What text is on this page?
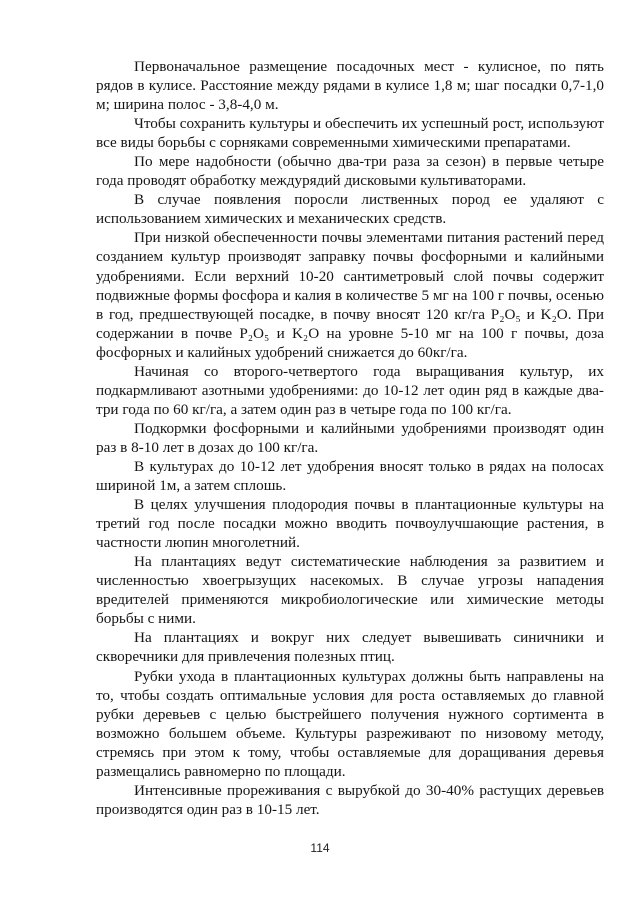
Первоначальное размещение посадочных мест - кулисное, по пять рядов в кулисе. Расстояние между рядами в кулисе 1,8 м; шаг посадки 0,7-1,0 м; ширина полос - 3,8-4,0 м.

Чтобы сохранить культуры и обеспечить их успешный рост, используют все виды борьбы с сорняками современными химическими препаратами.

По мере надобности (обычно два-три раза за сезон) в первые четыре года проводят обработку междурядий дисковыми культиваторами.

В случае появления поросли лиственных пород ее удаляют с использованием химических и механических средств.

При низкой обеспеченности почвы элементами питания растений перед созданием культур производят заправку почвы фосфорными и калийными удобрениями. Если верхний 10-20 сантиметровый слой почвы содержит подвижные формы фосфора и калия в количестве 5 мг на 100 г почвы, осенью в год, предшествующей посадке, в почву вносят 120 кг/га P₂O₅ и K₂O. При содержании в почве P₂O₅ и K₂O на уровне 5-10 мг на 100 г почвы, доза фосфорных и калийных удобрений снижается до 60кг/га.

Начиная со второго-четвертого года выращивания культур, их подкармливают азотными удобрениями: до 10-12 лет один ряд в каждые два-три года по 60 кг/га, а затем один раз в четыре года по 100 кг/га.

Подкормки фосфорными и калийными удобрениями производят один раз в 8-10 лет в дозах до 100 кг/га.

В культурах до 10-12 лет удобрения вносят только в рядах на полосах шириной 1м, а затем сплошь.

В целях улучшения плодородия почвы в плантационные культуры на третий год после посадки можно вводить почвоулучшающие растения, в частности люпин многолетний.

На плантациях ведут систематические наблюдения за развитием и численностью хвоегрызущих насекомых. В случае угрозы нападения вредителей применяются микробиологические или химические методы борьбы с ними.

На плантациях и вокруг них следует вывешивать синичники и скворечники для привлечения полезных птиц.

Рубки ухода в плантационных культурах должны быть направлены на то, чтобы создать оптимальные условия для роста оставляемых до главной рубки деревьев с целью быстрейшего получения нужного сортимента в возможно большем объеме. Культуры разреживают по низовому методу, стремясь при этом к тому, чтобы оставляемые для доращивания деревья размещались равномерно по площади.

Интенсивные прореживания с вырубкой до 30-40% растущих деревьев производятся один раз в 10-15 лет.

114
